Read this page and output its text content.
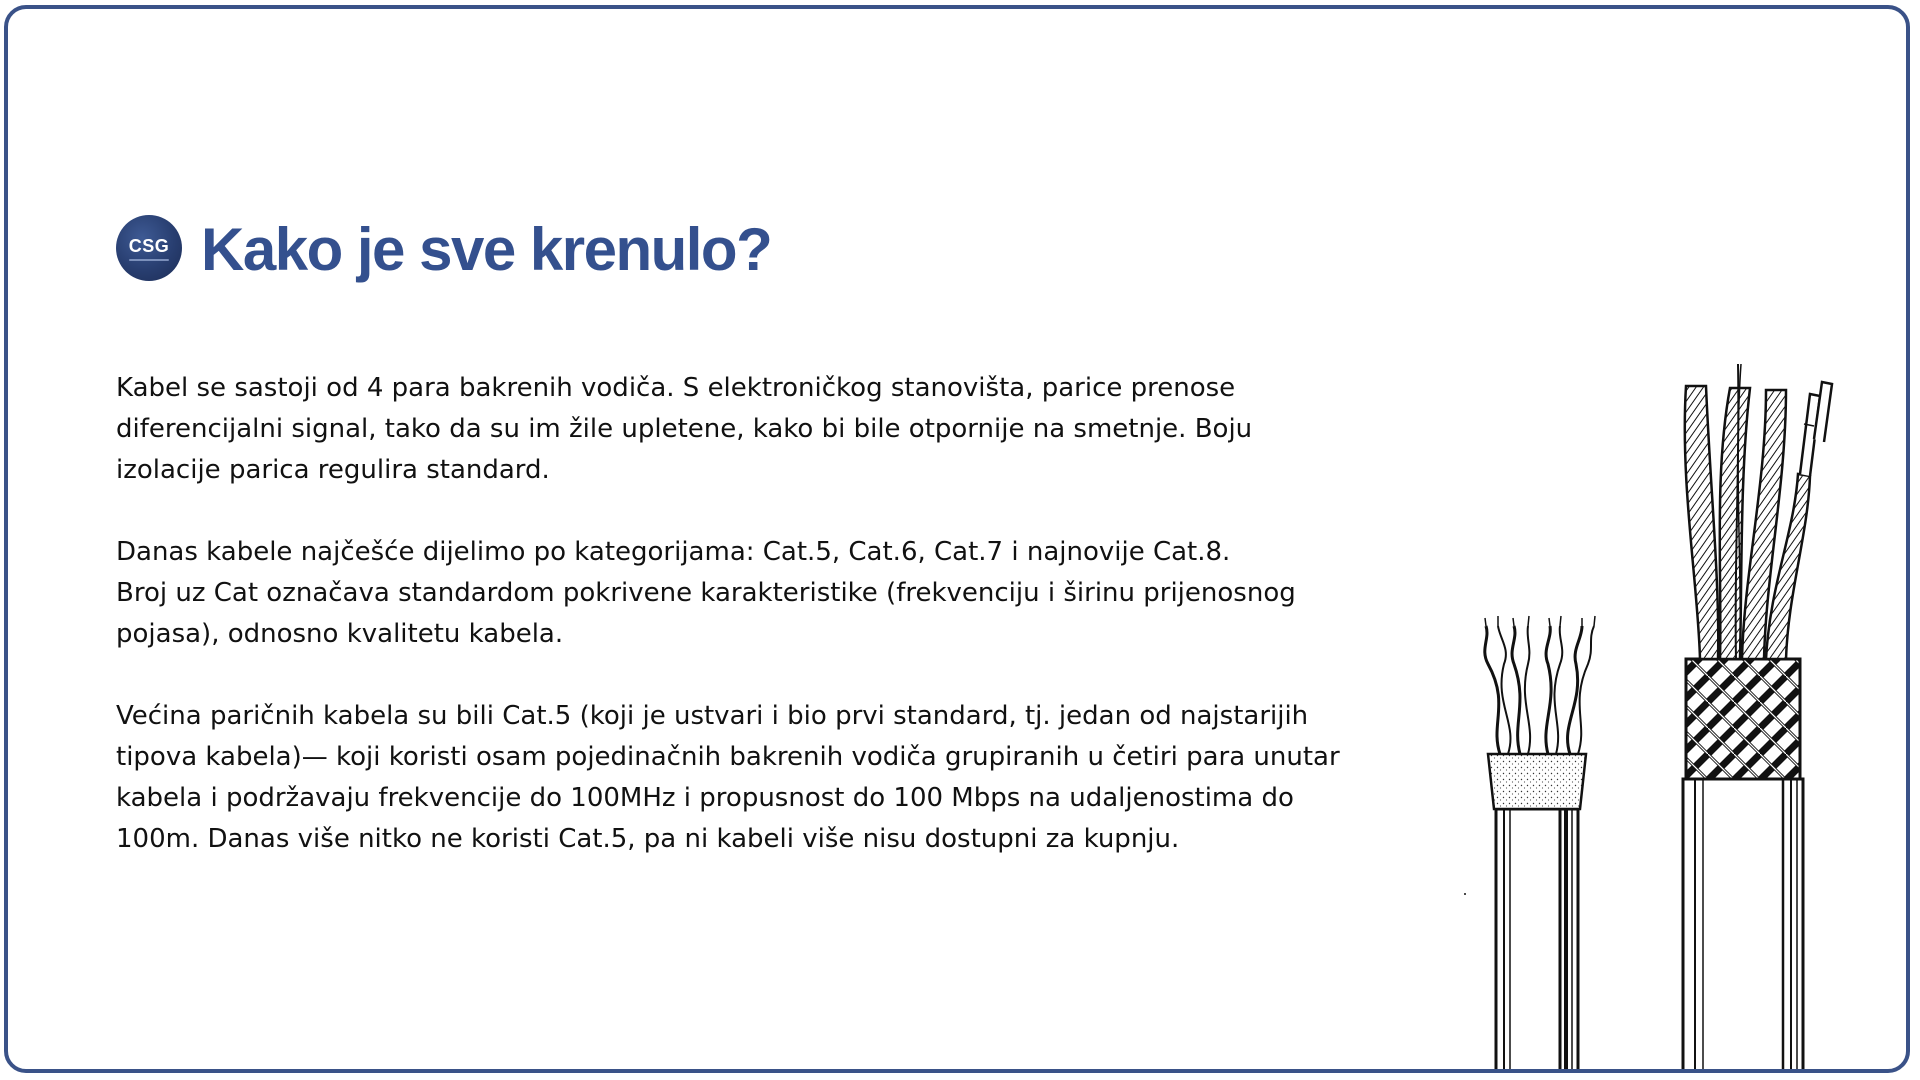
CSG Kako je sve krenulo?

Kabel se sastoji od 4 para bakrenih vodiča. S elektroničkog stanovišta, parice prenose
diferencijalni signal, tako da su im žile upletene, kako bi bile otpornije na smetnje. Boju
izolacije parica regulira standard.

Danas kabele najčešće dijelimo po kategorijama: Cat.5, Cat.6, Cat.7 i najnovije Cat.8.
Broj uz Cat označava standardom pokrivene karakteristike (frekvenciju i širinu prijenosnog
pojasa), odnosno kvalitetu kabela.

Većina paričnih kabela su bili Cat.5 (koji je ustvari i bio prvi standard, tj. jedan od najstarijih
tipova kabela)— koji koristi osam pojedinačnih bakrenih vodiča grupiranih u četiri para unutar
kabela i podržavaju frekvencije do 100MHz i propusnost do 100 Mbps na udaljenostima do
100m. Danas više nitko ne koristi Cat.5, pa ni kabeli više nisu dostupni za kupnju.
